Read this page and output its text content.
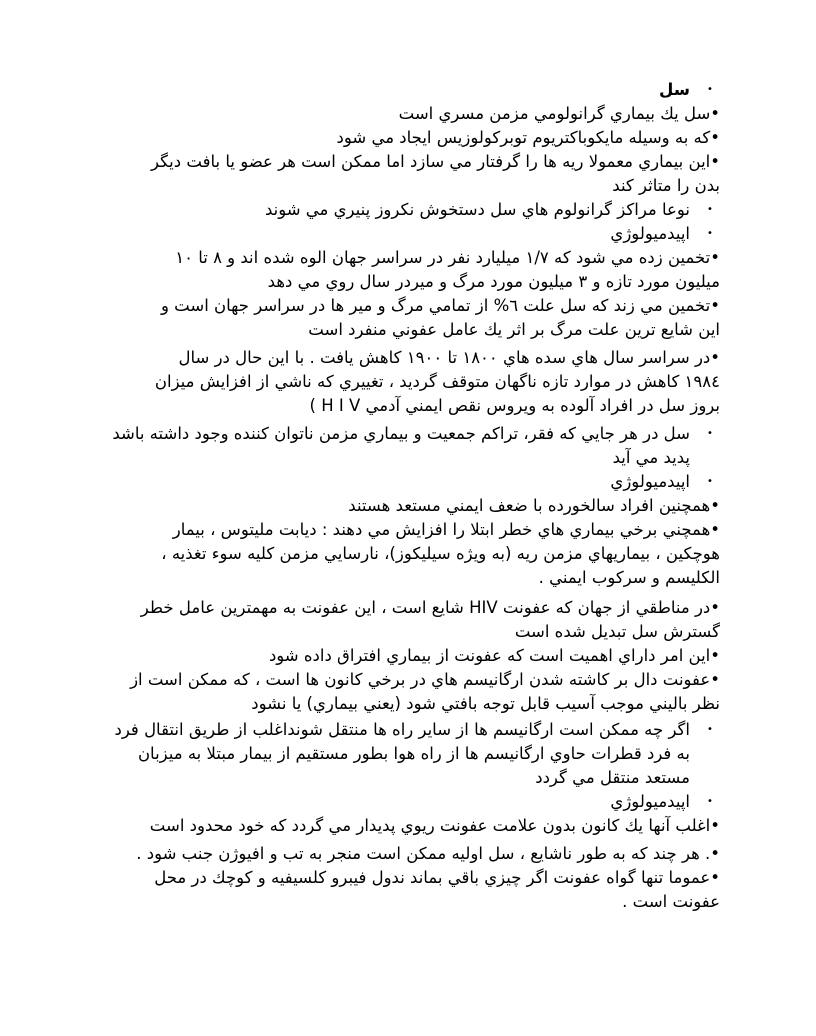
•
•
•
•
•
•
•
سل
•سل يك بيماري گرانولومي مزمن مسري است
•كه به وسيله مايكوباكتريوم توبركولوزيس ايجاد مي شود
•اين بيماري معمولا ريه ها را گرفتار مي سازد اما ممكن است هر عضو يا بافت ديگر
بدن را متاثر كند
نوعا مراكز گرانولوم هاي سل دستخوش نكروز پنيري مي شوند
اپيدميولوژي
•تخمين زده مي شود كه ۱/۷ ميليارد نفر در سراسر جهان الوه شده اند و ۸ تا ۱۰
ميليون مورد تازه و ۳ ميليون مورد مرگ و ميردر سال روي مي دهد
•تخمين مي زند كه سل علت ٦% از تمامي مرگ و مير ها در سراسر جهان است و
اين شايع ترين علت مرگ بر اثر يك عامل عفوني منفرد است
•در سراسر سال هاي سده هاي ۱۸۰۰ تا ۱۹۰۰ كاهش يافت . با اين حال در سال
۱۹۸٤ كاهش در موارد تازه ناگهان متوقف گرديد ، تغييري كه ناشي از افزايش ميزان
بروز سل در افراد آلوده به ويروس نقص ايمني آدمي H I V )
سل در هر جايي كه فقر، تراكم جمعيت و بيماري مزمن ناتوان كننده وجود داشته باشد
پديد مي آيد
اپيدميولوژي
•همچنين افراد سالخورده با ضعف ايمني مستعد هستند
•همچني برخي بيماري هاي خطر ابتلا را افزايش مي دهند : ديابت مليتوس ، بيمار
هوچكين ، بيماريهاي مزمن ريه (به ويژه سيليكوز)، نارسايي مزمن كليه سوء تغذيه ،
الكليسم و سركوب ايمني .
•در مناطقي از جهان كه عفونت HIV شايع است ، اين عفونت به مهمترين عامل خطر
گسترش سل تبديل شده است
•اين امر داراي اهميت است كه عفونت از بيماري افتراق داده شود
•عفونت دال بر كاشته شدن ارگانيسم هاي در برخي كانون ها است ، كه ممكن است از
نظر باليني موجب آسيب قابل توجه بافتي شود (يعني بيماري) يا نشود
اگر چه ممكن است ارگانيسم ها از ساير راه ها منتقل شونداغلب از طريق انتقال فرد
به فرد قطرات حاوي ارگانيسم ها از راه هوا بطور مستقيم از بيمار مبتلا به ميزبان
مستعد منتقل مي گردد
اپيدميولوژي
•اغلب آنها يك كانون بدون علامت عفونت ريوي پديدار مي گردد كه خود محدود است
•. هر چند كه به طور ناشايع ، سل اوليه ممكن است منجر به تب و افيوژن جنب شود .
•عموما تنها گواه عفونت اگر چيزي باقي بماند ندول فيبرو كلسيفيه و كوچك در محل
عفونت است .
